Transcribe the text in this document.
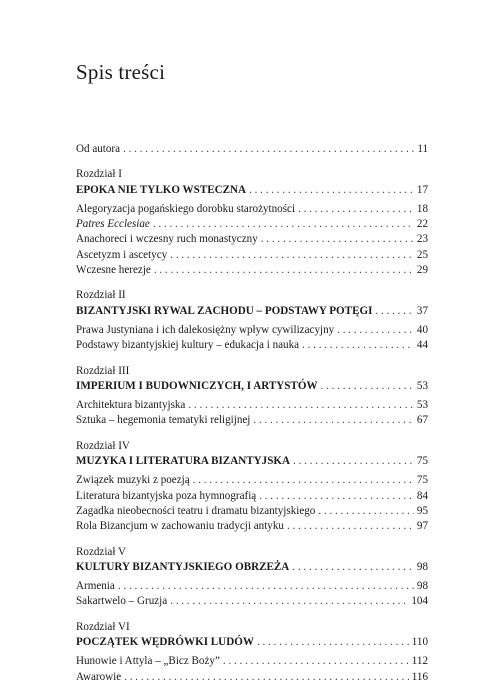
Spis treści
Od autora . . .	11
Rozdział I
EPOKA NIE TYLKO WSTECZNA . . .	17
Alegoryzacja pogańskiego dorobku starożytności . . .	18
Patres Ecclesiae . . .	22
Anachoreci i wczesny ruch monastyczny . . .	23
Ascetyzm i ascetycy . . .	25
Wczesne herezje . . .	29
Rozdział II
BIZANTYJSKI RYWAL ZACHODU – PODSTAWY POTĘGI . . .	37
Prawa Justyniana i ich dalekosiężny wpływ cywilizacyjny . . .	40
Podstawy bizantyjskiej kultury – edukacja i nauka . . .	44
Rozdział III
IMPERIUM I BUDOWNICZYCH, I ARTYSTÓW . . .	53
Architektura bizantyjska . . .	53
Sztuka – hegemonia tematyki religijnej . . .	67
Rozdział IV
MUZYKA I LITERATURA BIZANTYJSKA . . .	75
Związek muzyki z poezją . . .	75
Literatura bizantyjska poza hymnografią . . .	84
Zagadka nieobecności teatru i dramatu bizantyjskiego . . .	95
Rola Bizancjum w zachowaniu tradycji antyku . . .	97
Rozdział V
KULTURY BIZANTYJSKIEGO OBRZEŻA . . .	98
Armenia . . .	98
Sakartwelo – Gruzja . . .	104
Rozdział VI
POCZĄTEK WĘDRÓWKI LUDÓW . . .	110
Hunowie i Attyla – „Bicz Boży” . . .	112
Awarowie . . .	116
